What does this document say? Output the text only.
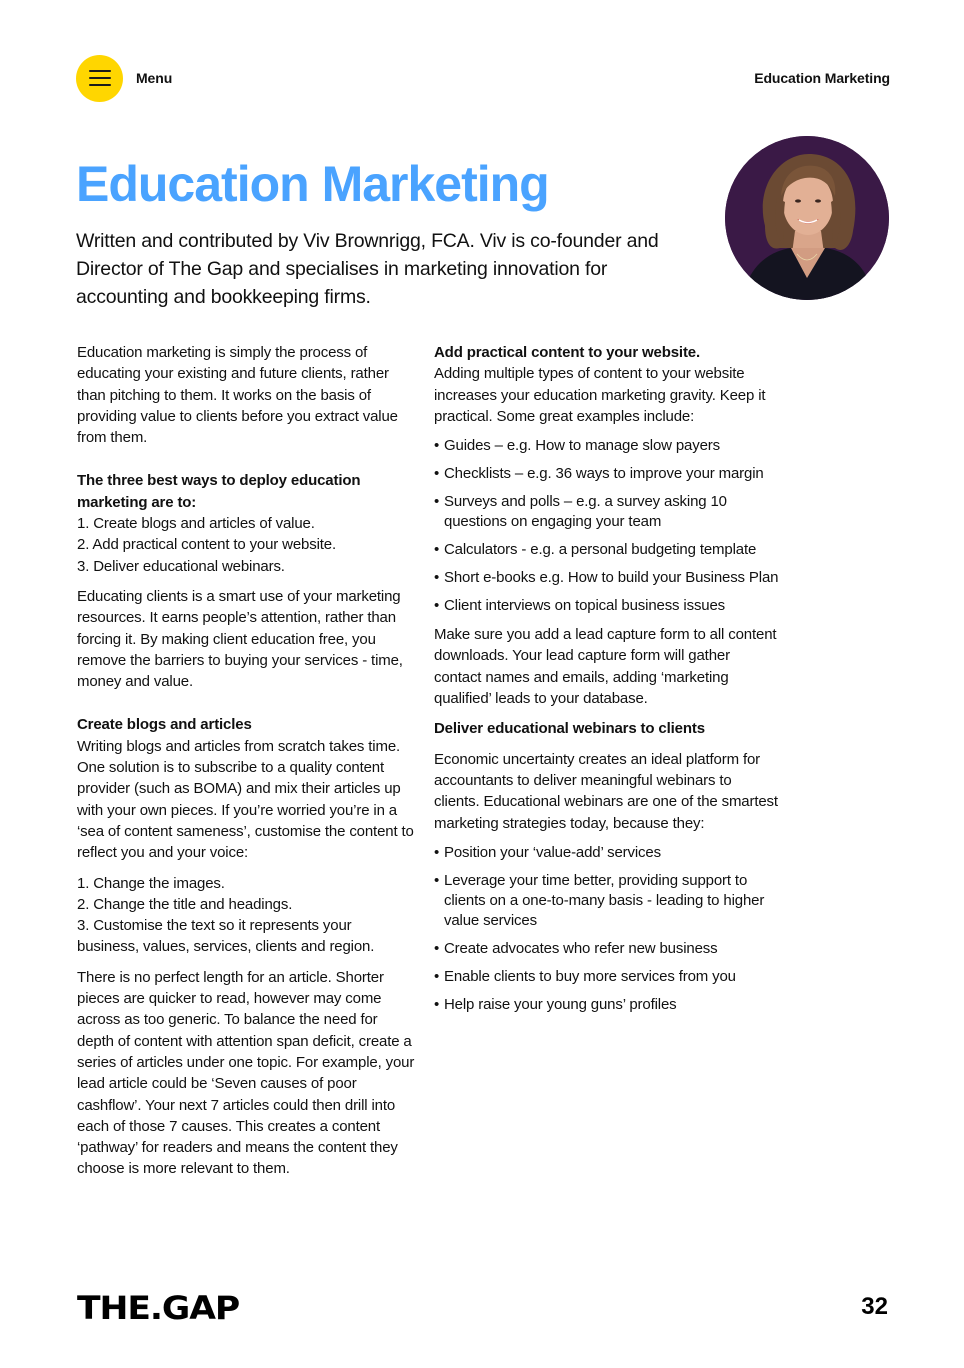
Menu	Education Marketing
Education Marketing

Written and contributed by Viv Brownrigg, FCA. Viv is co-founder and Director of The Gap and specialises in marketing innovation for accounting and bookkeeping firms.

Education marketing is simply the process of educating your existing and future clients, rather than pitching to them. It works on the basis of providing value to clients before you extract value from them.

The three best ways to deploy education marketing are to:
1. Create blogs and articles of value.
2. Add practical content to your website.
3. Deliver educational webinars.

Educating clients is a smart use of your marketing resources. It earns people’s attention, rather than forcing it. By making client education free, you remove the barriers to buying your services - time, money and value.

Create blogs and articles
Writing blogs and articles from scratch takes time. One solution is to subscribe to a quality content provider (such as BOMA) and mix their articles up with your own pieces. If you’re worried you’re in a ‘sea of content sameness’, customise the content to reflect you and your voice:
1. Change the images.
2. Change the title and headings.
3. Customise the text so it represents your business, values, services, clients and region.

There is no perfect length for an article. Shorter pieces are quicker to read, however may come across as too generic. To balance the need for depth of content with attention span deficit, create a series of articles under one topic. For example, your lead article could be ‘Seven causes of poor cashflow’. Your next 7 articles could then drill into each of those 7 causes. This creates a content ‘pathway’ for readers and means the content they choose is more relevant to them.

Add practical content to your website.
Adding multiple types of content to your website increases your education marketing gravity. Keep it practical. Some great examples include:
• Guides – e.g. How to manage slow payers
• Checklists – e.g. 36 ways to improve your margin
• Surveys and polls – e.g. a survey asking 10 questions on engaging your team
• Calculators - e.g. a personal budgeting template
• Short e-books e.g. How to build your Business Plan
• Client interviews on topical business issues

Make sure you add a lead capture form to all content downloads. Your lead capture form will gather contact names and emails, adding ‘marketing qualified’ leads to your database.

Deliver educational webinars to clients

Economic uncertainty creates an ideal platform for accountants to deliver meaningful webinars to clients. Educational webinars are one of the smartest marketing strategies today, because they:

• Position your ‘value-add’ services
• Leverage your time better, providing support to clients on a one-to-many basis - leading to higher value services
• Create advocates who refer new business
• Enable clients to buy more services from you
• Help raise your young guns’ profiles
THE.GAP	32
